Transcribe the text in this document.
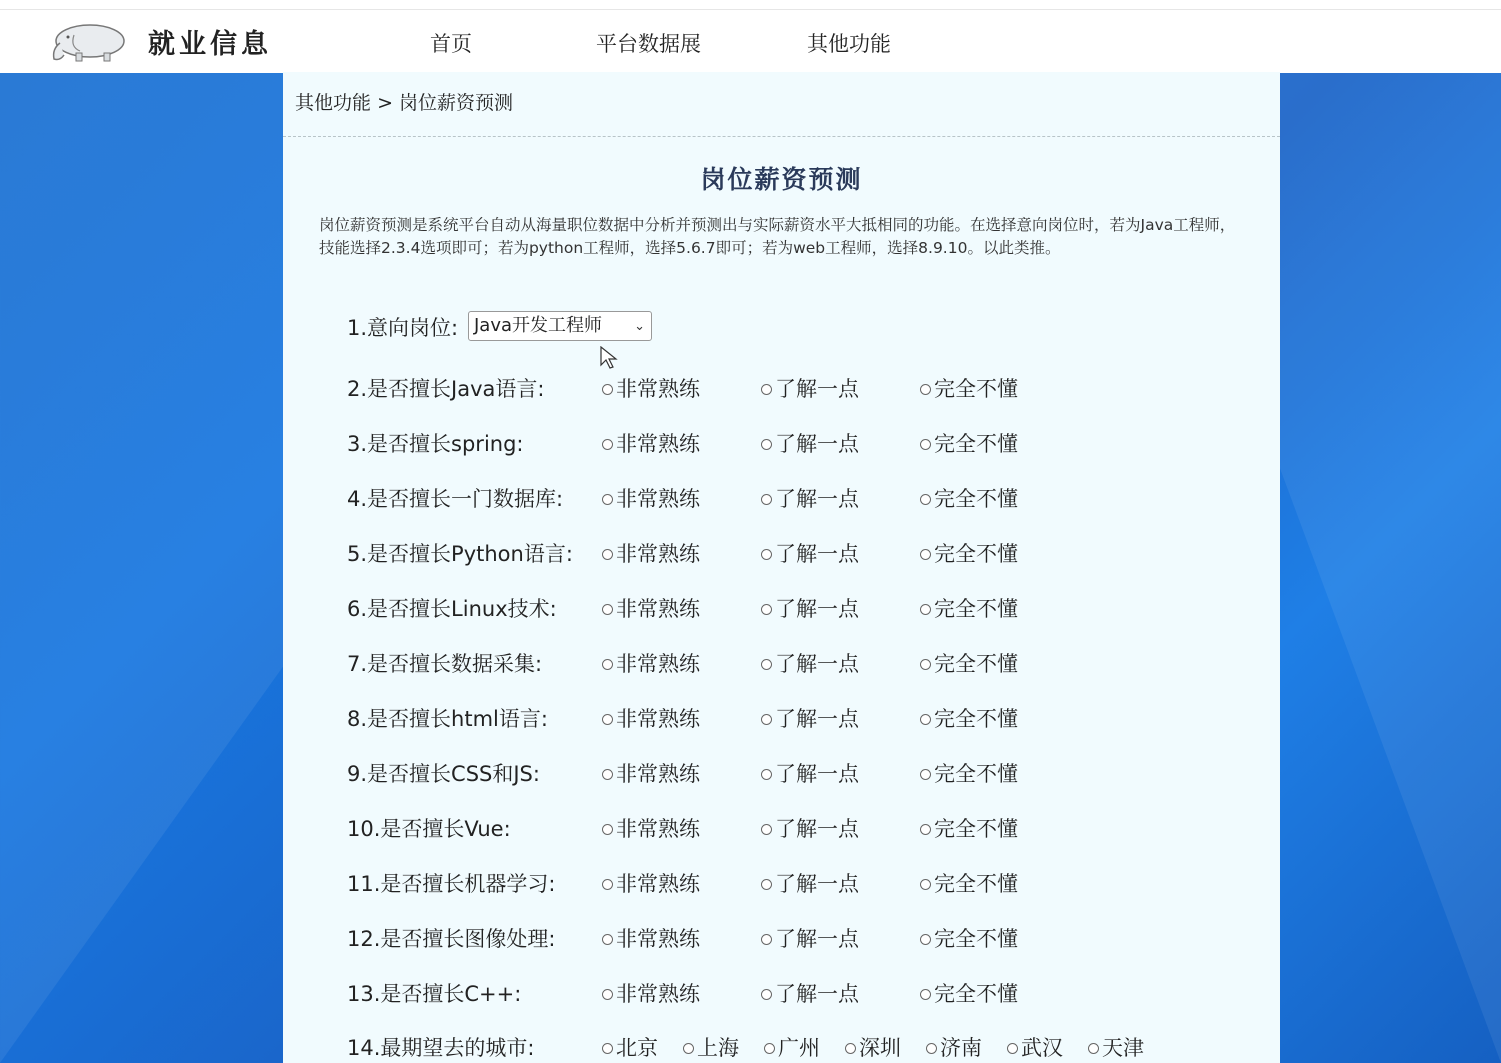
就业信息	首页	平台数据展	其他功能
其他功能 > 岗位薪资预测
岗位薪资预测

岗位薪资预测是系统平台自动从海量职位数据中分析并预测出与实际薪资水平大抵相同的功能。在选择意向岗位时，若为Java工程师，技能选择2.3.4选项即可；若为python工程师，选择5.6.7即可；若为web工程师，选择8.9.10。以此类推。

1.意向岗位: Java开发工程师 ⌄
2.是否擅长Java语言:	非常熟练	了解一点	完全不懂
3.是否擅长spring:	非常熟练	了解一点	完全不懂
4.是否擅长一门数据库:	非常熟练	了解一点	完全不懂
5.是否擅长Python语言: 非常熟练	了解一点	完全不懂
6.是否擅长Linux技术:	非常熟练	了解一点	完全不懂
7.是否擅长数据采集:	非常熟练	了解一点	完全不懂
8.是否擅长html语言:	非常熟练	了解一点	完全不懂
9.是否擅长CSS和JS:	非常熟练	了解一点	完全不懂
10.是否擅长Vue:	非常熟练	了解一点	完全不懂
11.是否擅长机器学习:	非常熟练	了解一点	完全不懂
12.是否擅长图像处理:	非常熟练	了解一点	完全不懂
13.是否擅长C++:	非常熟练	了解一点	完全不懂
14.最期望去的城市:	北京 上海 广州 深圳 济南 武汉 天津
